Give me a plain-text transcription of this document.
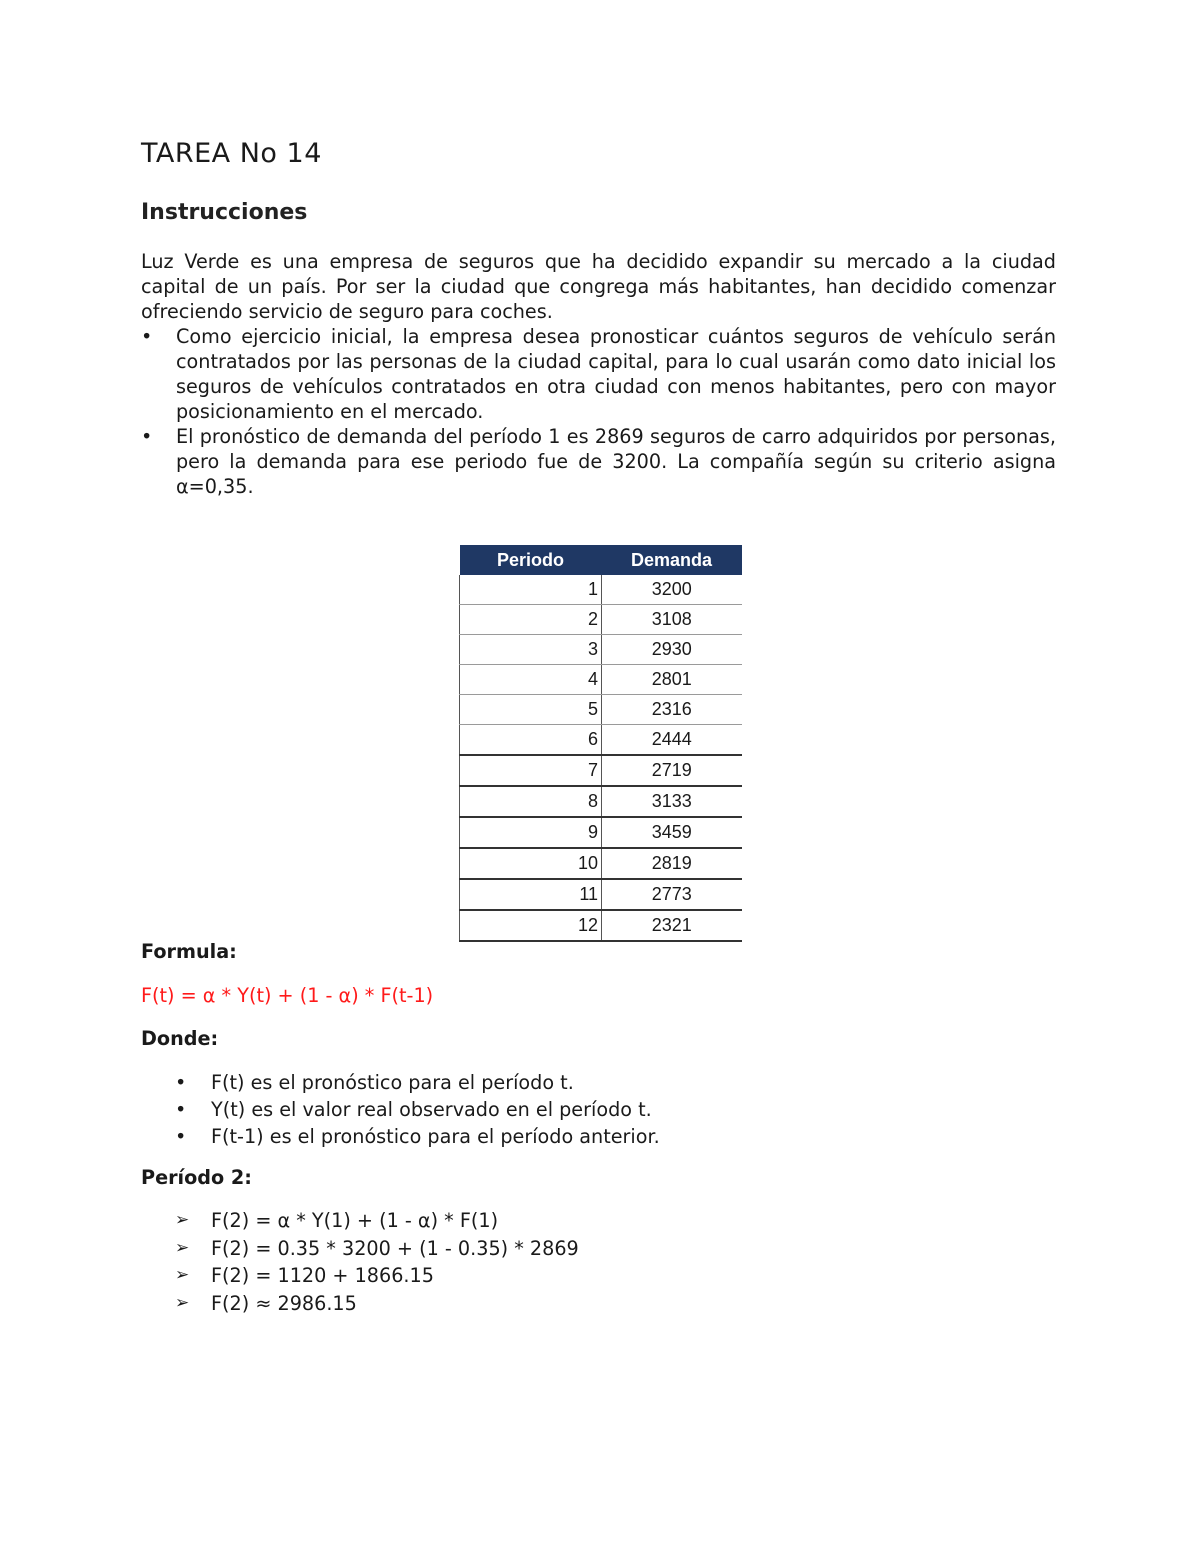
TAREA No 14
Instrucciones

Luz Verde es una empresa de seguros que ha decidido expandir su mercado a la ciudad capital de un país. Por ser la ciudad que congrega más habitantes, han decidido comenzar ofreciendo servicio de seguro para coches.

• Como ejercicio inicial, la empresa desea pronosticar cuántos seguros de vehículo serán contratados por las personas de la ciudad capital, para lo cual usarán como dato inicial los seguros de vehículos contratados en otra ciudad con menos habitantes, pero con mayor posicionamiento en el mercado.
• El pronóstico de demanda del período 1 es 2869 seguros de carro adquiridos por personas, pero la demanda para ese periodo fue de 3200. La compañía según su criterio asigna α=0,35.
Periodo	Demanda
1	3200
2	3108
3	2930
4	2801
5	2316
6	2444
7	2719
8	3133
9	3459
10	2819
11	2773
12	2321

Formula:

F(t) = α * Y(t) + (1 - α) * F(t-1)

Donde:

• F(t) es el pronóstico para el período t.
• Y(t) es el valor real observado en el período t.
• F(t-1) es el pronóstico para el período anterior.

Período 2:

➢ F(2) = α * Y(1) + (1 - α) * F(1)
➢ F(2) = 0.35 * 3200 + (1 - 0.35) * 2869
➢ F(2) = 1120 + 1866.15
➢ F(2) ≈ 2986.15
